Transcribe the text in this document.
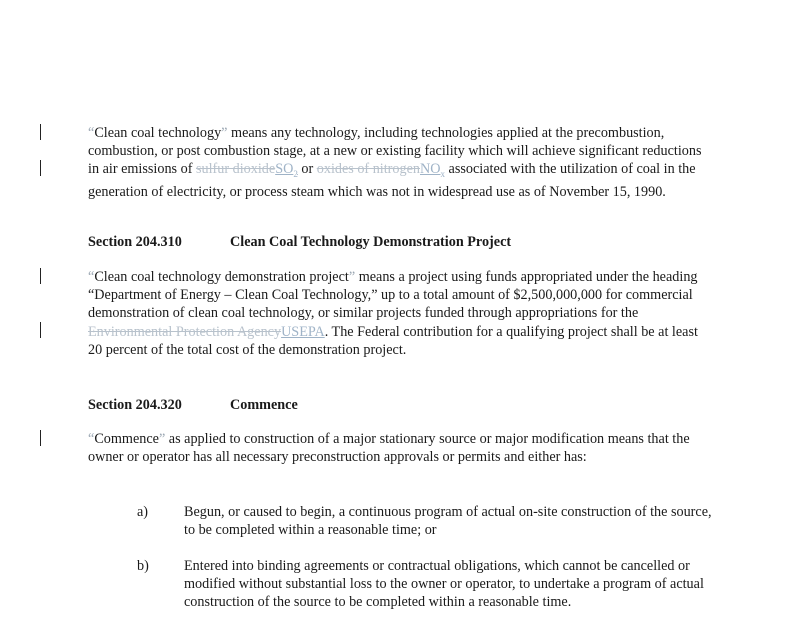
“Clean coal technology” means any technology, including technologies applied at the precombustion, combustion, or post combustion stage, at a new or existing facility which will achieve significant reductions in air emissions of sulfur dioxideSO$_2$ or oxides of nitrogenNO$_x$ associated with the utilization of coal in the generation of electricity, or process steam which was not in widespread use as of November 15, 1990.

Section 204.310	Clean Coal Technology Demonstration Project

“Clean coal technology demonstration project” means a project using funds appropriated under the heading “Department of Energy – Clean Coal Technology,” up to a total amount of $2,500,000,000 for commercial demonstration of clean coal technology, or similar projects funded through appropriations for the Environmental Protection AgencyUSEPA. The Federal contribution for a qualifying project shall be at least 20 percent of the total cost of the demonstration project.

Section 204.320	Commence

“Commence” as applied to construction of a major stationary source or major modification means that the owner or operator has all necessary preconstruction approvals or permits and either has:

a)	Begun, or caused to begin, a continuous program of actual on-site construction of the source, to be completed within a reasonable time; or

b) Entered into binding agreements or contractual obligations, which cannot be cancelled or modified without substantial loss to the owner or operator, to undertake a program of actual construction of the source to be completed within a reasonable time.
